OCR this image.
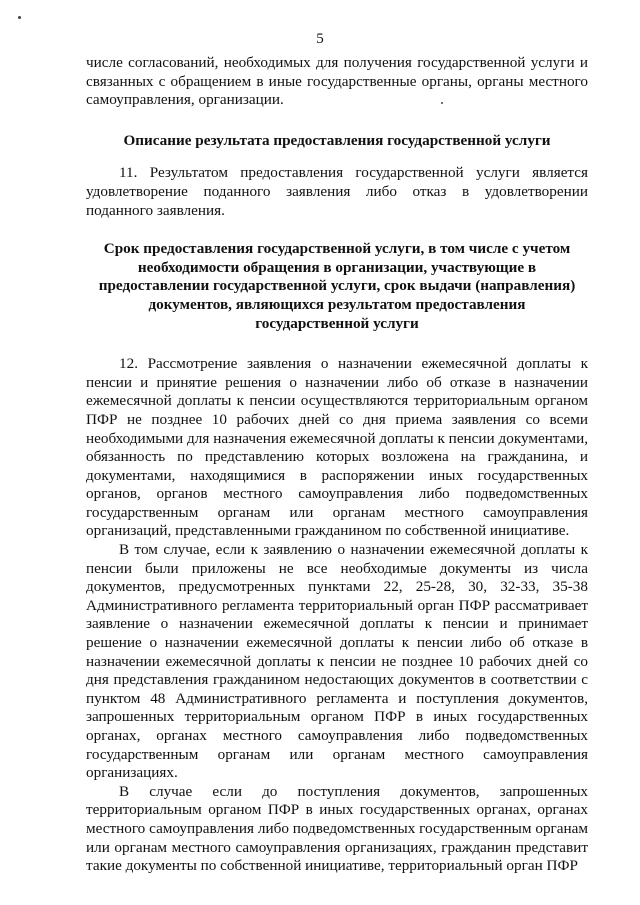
5

числе согласований, необходимых для получения государственной услуги и связанных с обращением в иные государственные органы, органы местного самоуправления, организации.

Описание результата предоставления государственной услуги

11. Результатом предоставления государственной услуги является удовлетворение поданного заявления либо отказ в удовлетворении поданного заявления.

Срок предоставления государственной услуги, в том числе с учетом необходимости обращения в организации, участвующие в предоставлении государственной услуги, срок выдачи (направления) документов, являющихся результатом предоставления государственной услуги

12. Рассмотрение заявления о назначении ежемесячной доплаты к пенсии и принятие решения о назначении либо об отказе в назначении ежемесячной доплаты к пенсии осуществляются территориальным органом ПФР не позднее 10 рабочих дней со дня приема заявления со всеми необходимыми для назначения ежемесячной доплаты к пенсии документами, обязанность по представлению которых возложена на гражданина, и документами, находящимися в распоряжении иных государственных органов, органов местного самоуправления либо подведомственных государственным органам или органам местного самоуправления организаций, представленными гражданином по собственной инициативе.

В том случае, если к заявлению о назначении ежемесячной доплаты к пенсии были приложены не все необходимые документы из числа документов, предусмотренных пунктами 22, 25-28, 30, 32-33, 35-38 Административного регламента территориальный орган ПФР рассматривает заявление о назначении ежемесячной доплаты к пенсии и принимает решение о назначении ежемесячной доплаты к пенсии либо об отказе в назначении ежемесячной доплаты к пенсии не позднее 10 рабочих дней со дня представления гражданином недостающих документов в соответствии с пунктом 48 Административного регламента и поступления документов, запрошенных территориальным органом ПФР в иных государственных органах, органах местного самоуправления либо подведомственных государственным органам или органам местного самоуправления организациях.

В случае если до поступления документов, запрошенных территориальным органом ПФР в иных государственных органах, органах местного самоуправления либо подведомственных государственным органам или органам местного самоуправления организациях, гражданин представит такие документы по собственной инициативе, территориальный орган ПФР
